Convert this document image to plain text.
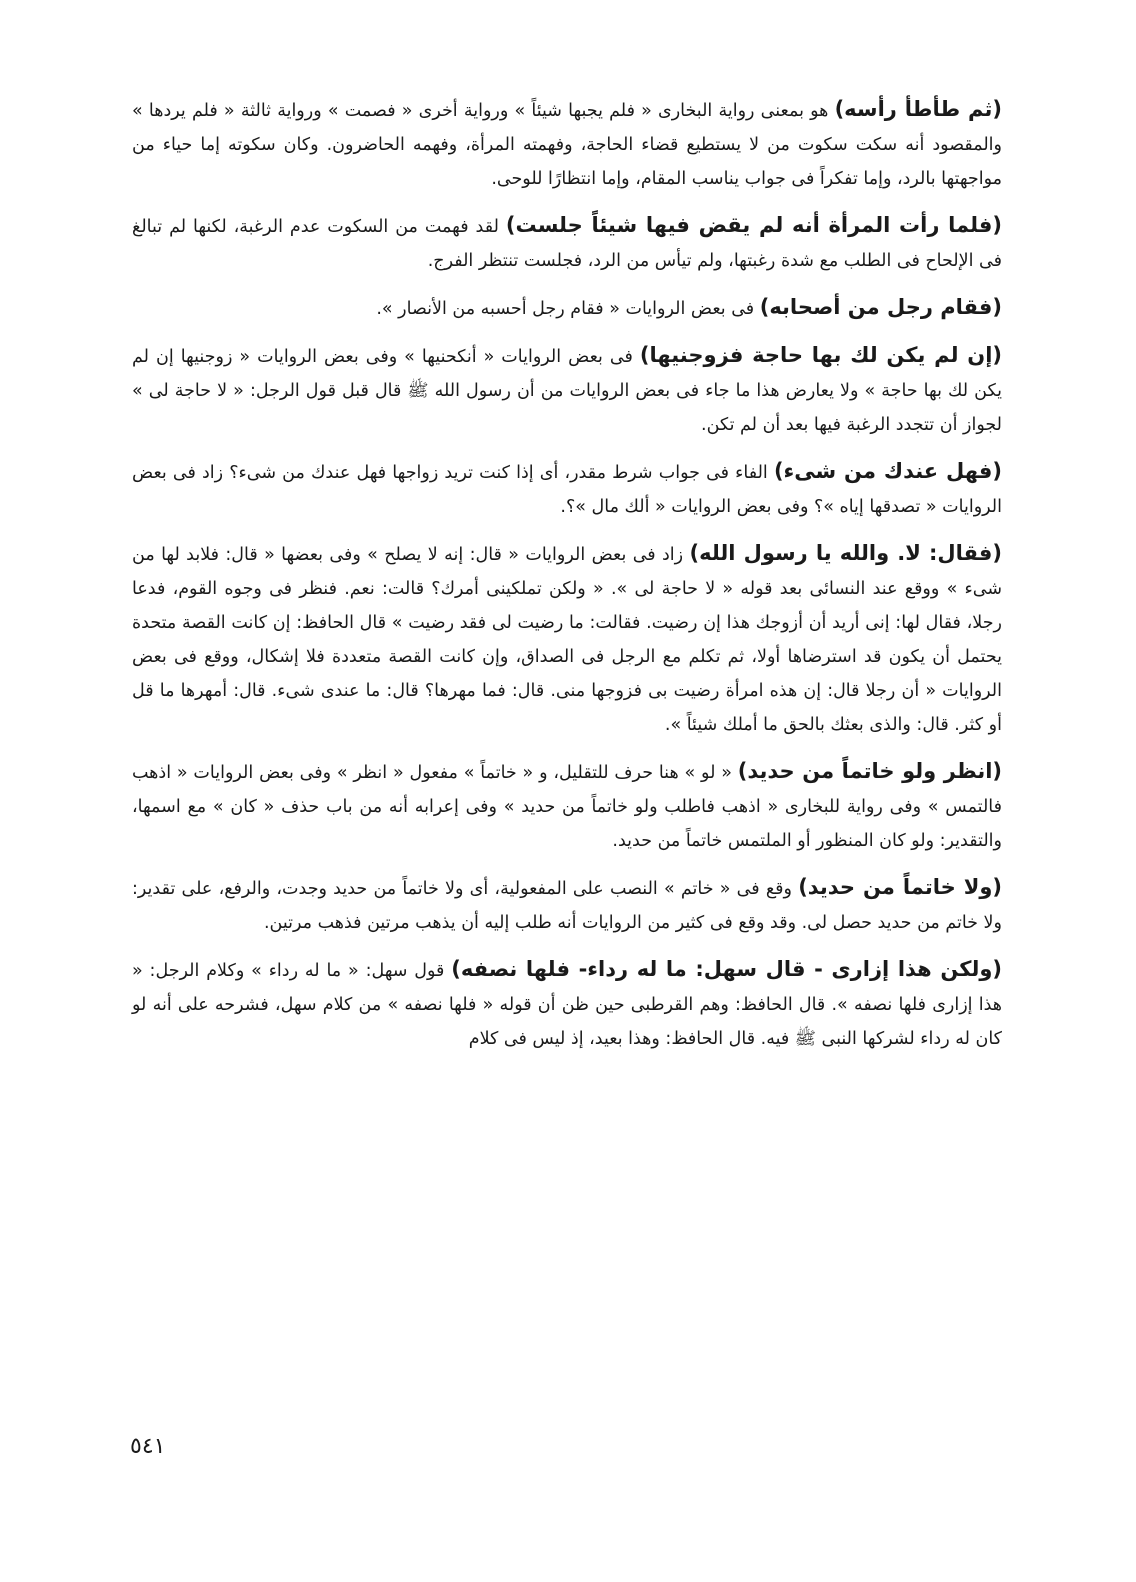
(ثم طأطأ رأسه) هو بمعنى رواية البخارى « فلم يجبها شيئاً » ورواية أخرى « فصمت » ورواية ثالثة « فلم يردها » والمقصود أنه سكت سكوت من لا يستطيع قضاء الحاجة، وفهمته المرأة، وفهمه الحاضرون. وكان سكوته إما حياء من مواجهتها بالرد، وإما تفكراً فى جواب يناسب المقام، وإما انتظارًا للوحى.

(فلما رأت المرأة أنه لم يقض فيها شيئاً جلست) لقد فهمت من السكوت عدم الرغبة، لكنها لم تبالغ فى الإلحاح فى الطلب مع شدة رغبتها، ولم تيأس من الرد، فجلست تنتظر الفرج.

(فقام رجل من أصحابه) فى بعض الروايات « فقام رجل أحسبه من الأنصار ».

(إن لم يكن لك بها حاجة فزوجنيها) فى بعض الروايات « أنكحنيها » وفى بعض الروايات « زوجنيها إن لم يكن لك بها حاجة » ولا يعارض هذا ما جاء فى بعض الروايات من أن رسول الله ﷺ قال قبل قول الرجل: « لا حاجة لى » لجواز أن تتجدد الرغبة فيها بعد أن لم تكن.

(فهل عندك من شىء) الفاء فى جواب شرط مقدر، أى إذا كنت تريد زواجها فهل عندك من شىء؟ زاد فى بعض الروايات « تصدقها إياه »؟ وفى بعض الروايات « ألك مال »؟.

(فقال: لا. والله يا رسول الله) زاد فى بعض الروايات « قال: إنه لا يصلح » وفى بعضها « قال: فلابد لها من شىء » ووقع عند النسائى بعد قوله « لا حاجة لى ». « ولكن تملكينى أمرك؟ قالت: نعم. فنظر فى وجوه القوم، فدعا رجلا، فقال لها: إنى أريد أن أزوجك هذا إن رضيت. فقالت: ما رضيت لى فقد رضيت » قال الحافظ: إن كانت القصة متحدة يحتمل أن يكون قد استرضاها أولا، ثم تكلم مع الرجل فى الصداق، وإن كانت القصة متعددة فلا إشكال، ووقع فى بعض الروايات « أن رجلا قال: إن هذه امرأة رضيت بى فزوجها منى. قال: فما مهرها؟ قال: ما عندى شىء. قال: أمهرها ما قل أو كثر. قال: والذى بعثك بالحق ما أملك شيئاً ».

(انظر ولو خاتماً من حديد) « لو » هنا حرف للتقليل، و « خاتماً » مفعول « انظر » وفى بعض الروايات « اذهب فالتمس » وفى رواية للبخارى « اذهب فاطلب ولو خاتماً من حديد » وفى إعرابه أنه من باب حذف « كان » مع اسمها، والتقدير: ولو كان المنظور أو الملتمس خاتماً من حديد.

(ولا خاتماً من حديد) وقع فى « خاتم » النصب على المفعولية، أى ولا خاتماً من حديد وجدت، والرفع، على تقدير: ولا خاتم من حديد حصل لى. وقد وقع فى كثير من الروايات أنه طلب إليه أن يذهب مرتين فذهب مرتين.

(ولكن هذا إزارى - قال سهل: ما له رداء- فلها نصفه) قول سهل: « ما له رداء » وكلام الرجل: « هذا إزارى فلها نصفه ». قال الحافظ: وهم القرطبى حين ظن أن قوله « فلها نصفه » من كلام سهل، فشرحه على أنه لو كان له رداء لشركها النبى ﷺ فيه. قال الحافظ: وهذا بعيد، إذ ليس فى كلام

٥٤١
